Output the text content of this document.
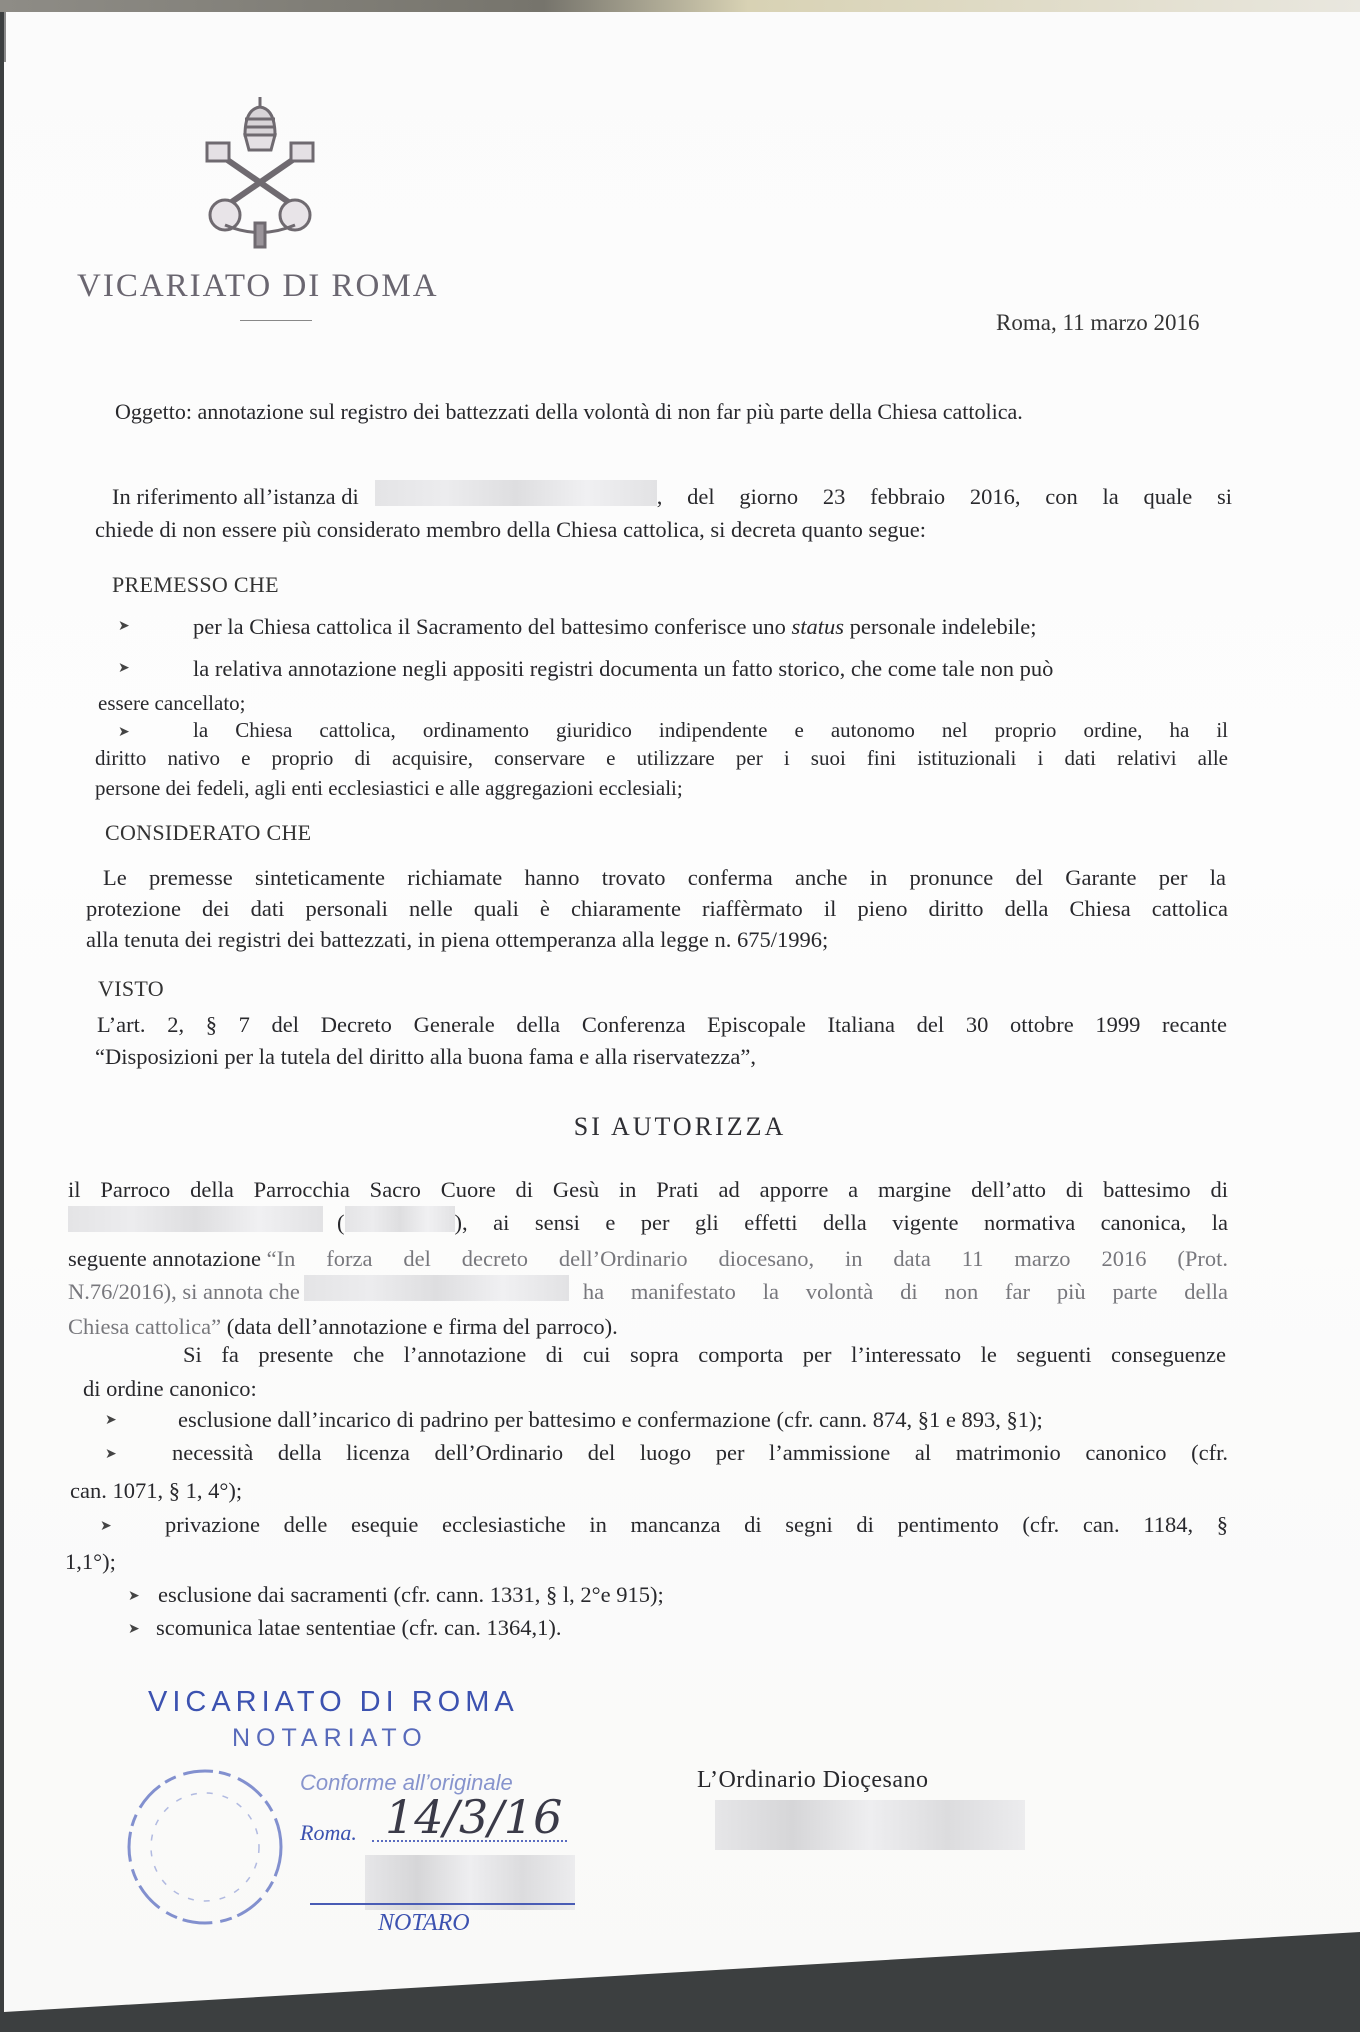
VICARIATO DI ROMA
Roma, 11 marzo 2016
Oggetto: annotazione sul registro dei battezzati della volontà di non far più parte della Chiesa cattolica.
In riferimento all’istanza di	, del giorno 23 febbraio 2016, con la quale si
chiede di non essere più considerato membro della Chiesa cattolica, si decreta quanto segue:
PREMESSO CHE
➤	per la Chiesa cattolica il Sacramento del battesimo conferisce uno status personale indelebile;
➤	la relativa annotazione negli appositi registri documenta un fatto storico, che come tale non può
essere cancellato;
➤	la Chiesa cattolica, ordinamento giuridico indipendente e autonomo nel proprio ordine, ha il
diritto nativo e proprio di acquisire, conservare e utilizzare per i suoi fini istituzionali i dati relativi alle
persone dei fedeli, agli enti ecclesiastici e alle aggregazioni ecclesiali;
CONSIDERATO CHE
Le premesse sinteticamente richiamate hanno trovato conferma anche in pronunce del Garante per la
protezione dei dati personali nelle quali è chiaramente riaffèrmato il pieno diritto della Chiesa cattolica
alla tenuta dei registri dei battezzati, in piena ottemperanza alla legge n. 675/1996;
VISTO
L’art. 2, § 7 del Decreto Generale della Conferenza Episcopale Italiana del 30 ottobre 1999 recante
“Disposizioni per la tutela del diritto alla buona fama e alla riservatezza”,
SI AUTORIZZA
il Parroco della Parrocchia Sacro Cuore di Gesù in Prati ad apporre a margine dell’atto di battesimo di
(	), ai sensi e per gli effetti della vigente normativa canonica, la
seguente annotazione “In forza del decreto dell’Ordinario diocesano, in data 11 marzo 2016 (Prot.
N.76/2016), si annota che	ha manifestato la volontà di non far più parte della
Chiesa cattolica” (data dell’annotazione e firma del parroco).
Si fa presente che l’annotazione di cui sopra comporta per l’interessato le seguenti conseguenze
di ordine canonico:
➤	esclusione dall’incarico di padrino per battesimo e confermazione (cfr. cann. 874, §1 e 893, §1);
➤ necessità della licenza dell’Ordinario del luogo per l’ammissione al matrimonio canonico (cfr.
can. 1071, § 1, 4°);
➤ privazione delle esequie ecclesiastiche in mancanza di segni di pentimento (cfr. can. 1184, §
1,1°);
➤ esclusione dai sacramenti (cfr. cann. 1331, § l, 2°e 915);
➤ scomunica latae sententiae (cfr. can. 1364,1).
VICARIATO DI ROMA
NOTARIATO
Conforme all’originale
Roma. 14/3/16
NOTARO
L’Ordinario Dioçesano
